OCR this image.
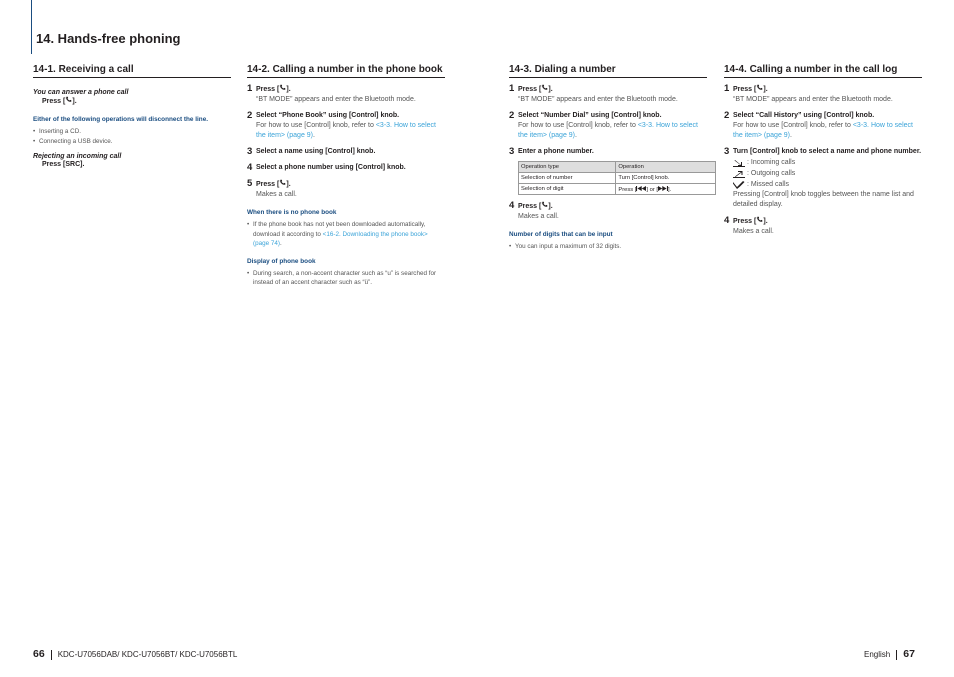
14. Hands-free phoning
14-1. Receiving a call
You can answer a phone call
Press [ ].
Either of the following operations will disconnect the line.
• Inserting a CD.
• Connecting a USB device.
Rejecting an incoming call
Press [SRC].
14-2. Calling a number in the phone book
1 Press [ ].
“BT MODE” appears and enter the Bluetooth mode.
2 Select “Phone Book” using [Control] knob.
For how to use [Control] knob, refer to <3-3. How to select the item> (page 9).
3 Select a name using [Control] knob.
4 Select a phone number using [Control] knob.
5 Press [ ].
Makes a call.
When there is no phone book
• If the phone book has not yet been downloaded automatically, download it according to <16-2. Downloading the phone book> (page 74).
Display of phone book
• During search, a non-accent character such as “u” is searched for instead of an accent character such as “ü”.
14-3. Dialing a number
1 Press [ ].
“BT MODE” appears and enter the Bluetooth mode.
2 Select “Number Dial” using [Control] knob.
For how to use [Control] knob, refer to <3-3. How to select the item> (page 9).
3 Enter a phone number.
Operation type	Operation
Selection of number	Turn [Control] knob.
Selection of digit	Press [ ] or [ ].
4 Press [ ].
Makes a call.
Number of digits that can be input
• You can input a maximum of 32 digits.
14-4. Calling a number in the call log
1 Press [ ].
“BT MODE” appears and enter the Bluetooth mode.
2 Select “Call History” using [Control] knob.
For how to use [Control] knob, refer to <3-3. How to select the item> (page 9).
3 Turn [Control] knob to select a name and phone number.
: Incoming calls
: Outgoing calls
: Missed calls
Pressing [Control] knob toggles between the name list and detailed display.
4 Press [ ].
Makes a call.
66 KDC-U7056DAB/ KDC-U7056BT/ KDC-U7056BTL	English 67
